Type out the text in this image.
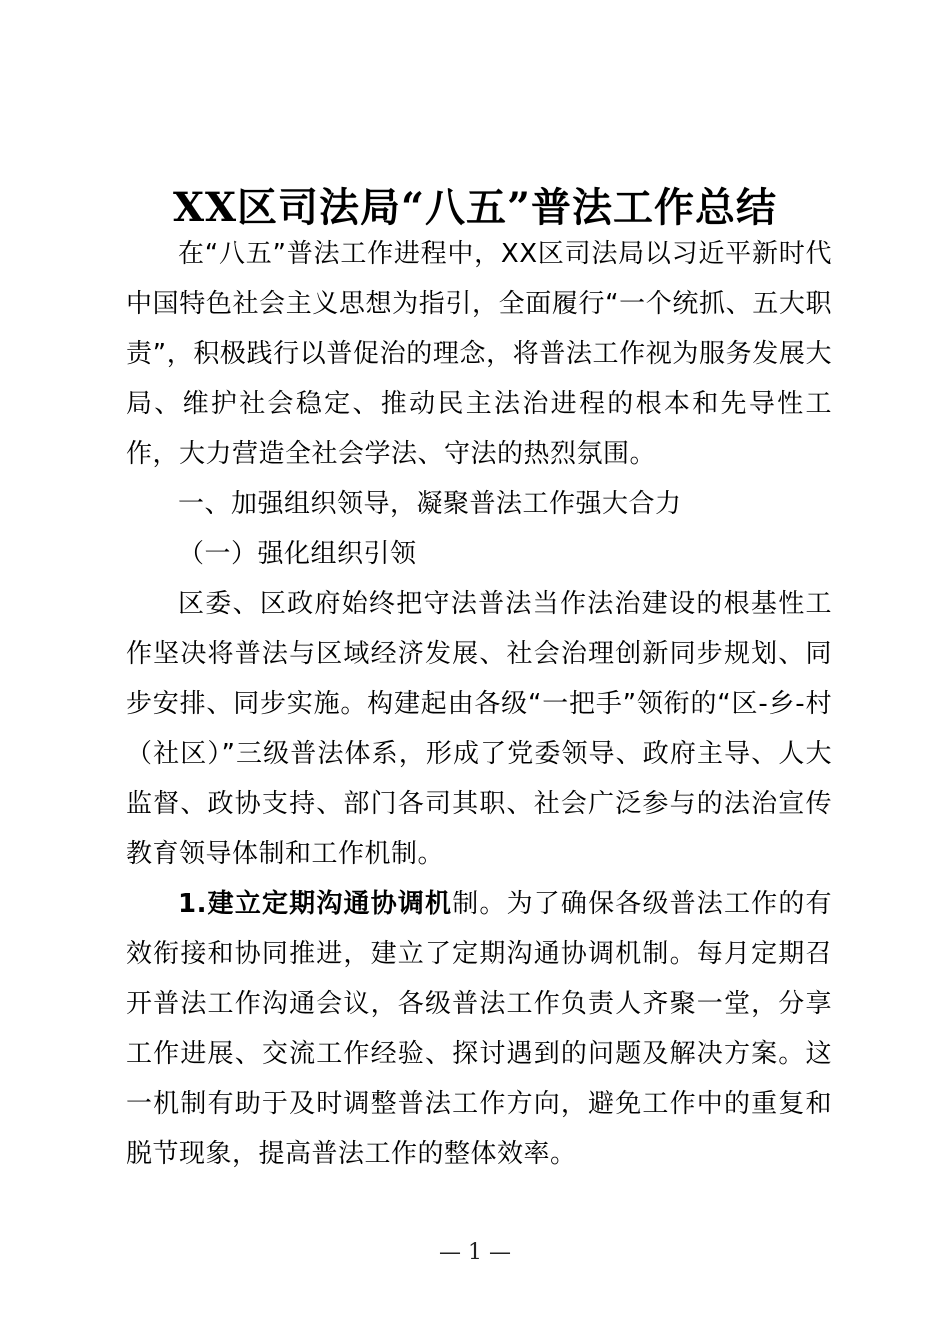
XX区司法局“八五”普法工作总结

在“八五”普法工作进程中，XX区司法局以习近平新时代中国特色社会主义思想为指引，全面履行“一个统抓、五大职责”，积极践行以普促治的理念，将普法工作视为服务发展大局、维护社会稳定、推动民主法治进程的根本和先导性工作，大力营造全社会学法、守法的热烈氛围。

一、加强组织领导，凝聚普法工作强大合力

（一）强化组织引领

区委、区政府始终把守法普法当作法治建设的根基性工作坚决将普法与区域经济发展、社会治理创新同步规划、同步安排、同步实施。构建起由各级“一把手”领衔的“区-乡-村（社区）”三级普法体系，形成了党委领导、政府主导、人大监督、政协支持、部门各司其职、社会广泛参与的法治宣传教育领导体制和工作机制。

1.建立定期沟通协调机制。为了确保各级普法工作的有效衔接和协同推进，建立了定期沟通协调机制。每月定期召开普法工作沟通会议，各级普法工作负责人齐聚一堂，分享工作进展、交流工作经验、探讨遇到的问题及解决方案。这一机制有助于及时调整普法工作方向，避免工作中的重复和脱节现象，提高普法工作的整体效率。

— 1 —
